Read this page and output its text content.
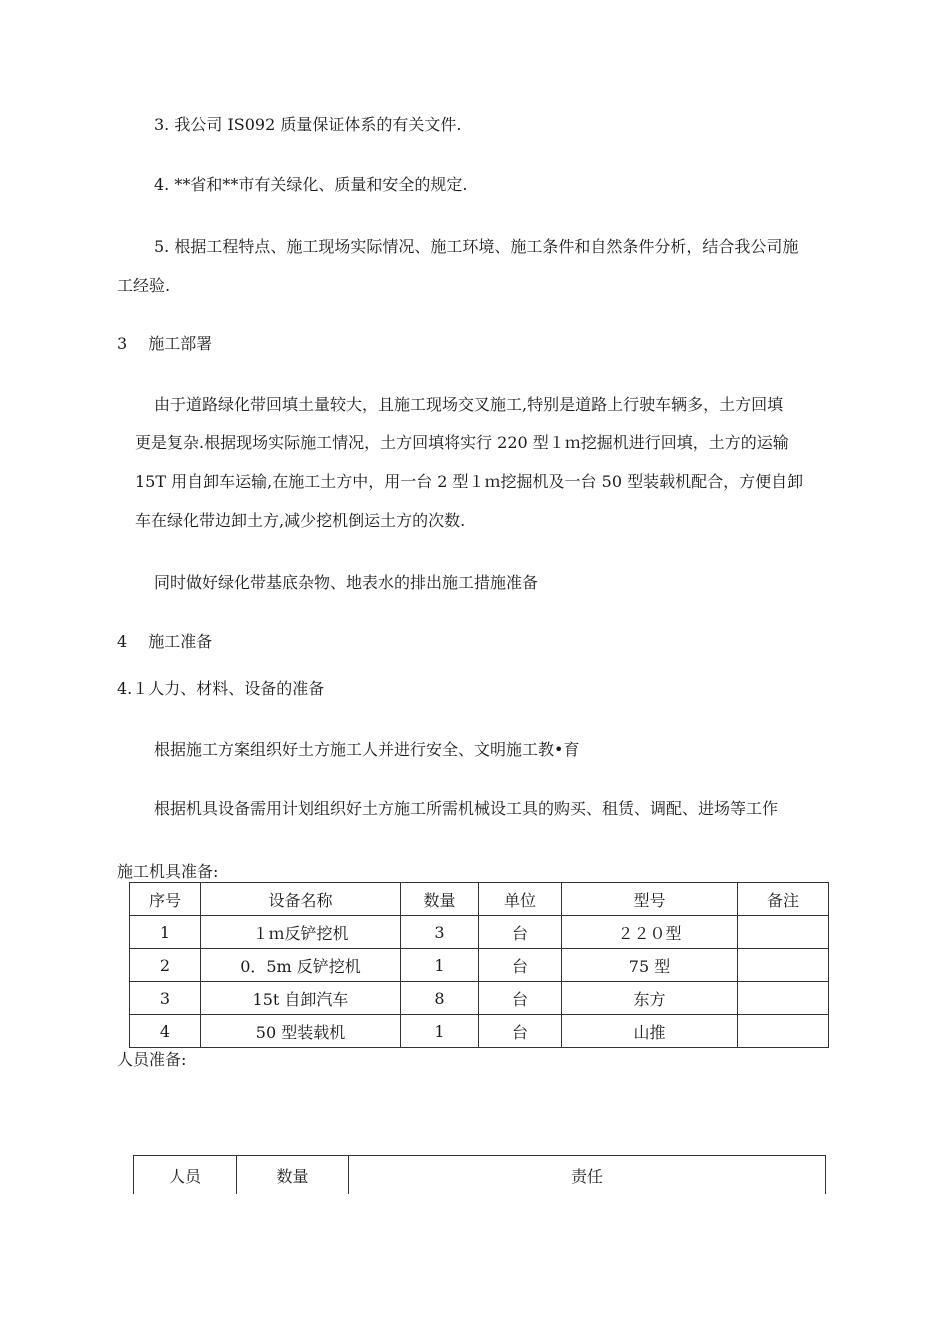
3. 我公司 IS092 质量保证体系的有关文件.
4. **省和**市有关绿化、质量和安全的规定.
5. 根据工程特点、施工现场实际情况、施工环境、施工条件和自然条件分析，结合我公司施
工经验.
3　 施工部署
由于道路绿化带回填土量较大，且施工现场交叉施工,特别是道路上行驶车辆多，土方回填
更是复杂.根据现场实际施工情况，土方回填将实行 220 型１ｍ挖掘机进行回填，土方的运输
15T 用自卸车运输,在施工土方中，用一台 2 型１ｍ挖掘机及一台 50 型装载机配合，方便自卸
车在绿化带边卸土方,减少挖机倒运土方的次数.
同时做好绿化带基底杂物、地表水的排出施工措施准备
4　 施工准备
4.１人力、材料、设备的准备
根据施工方案组织好土方施工人并进行安全、文明施工教•育
根据机具设备需用计划组织好土方施工所需机械设工具的购买、租赁、调配、进场等工作
施工机具准备:
序号	设备名称	数量	单位	型号	备注
1	１ｍ反铲挖机	3	台	２２０型	
2	0．5m 反铲挖机	1	台	75 型	
3	15t 自卸汽车	8	台	东方	
4	50 型装载机	1	台	山推	
人员准备:
人员	数量	责任
